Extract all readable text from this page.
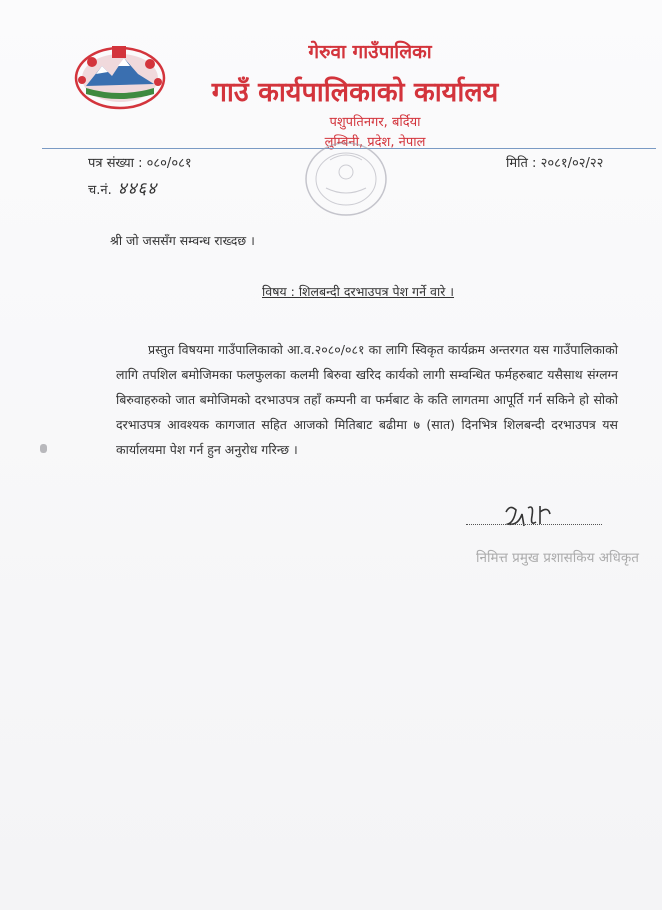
गेरुवा गाउँपालिका
गाउँ कार्यपालिकाको कार्यालय
पशुपतिनगर, बर्दिया
लुम्बिनी, प्रदेश, नेपाल
पत्र संख्या : ०८०/०८१	मिति : २०८१/०२/२२
च.नं. ४४६४
श्री जो जससँग सम्वन्ध राख्दछ ।
विषय : शिलबन्दी दरभाउपत्र पेश गर्ने वारे ।
प्रस्तुत विषयमा गाउँपालिकाको आ.व.२०८०/०८१ का लागि स्विकृत कार्यक्रम अन्तरगत यस गाउँपालिकाको लागि तपशिल बमोजिमका फलफुलका कलमी बिरुवा खरिद कार्यको लागी सम्वन्धित फर्महरुबाट यसैसाथ संग्लग्न बिरुवाहरुको जात बमोजिमको दरभाउपत्र तहाँ कम्पनी वा फर्मबाट के कति लागतमा आपूर्ति गर्न सकिने हो सोको दरभाउपत्र आवश्यक कागजात सहित आजको मितिबाट बढीमा ७ (सात) दिनभित्र शिलबन्दी दरभाउपत्र यस कार्यालयमा पेश गर्न हुन अनुरोध गरिन्छ ।
निमित्त प्रमुख प्रशासकिय अधिकृत
